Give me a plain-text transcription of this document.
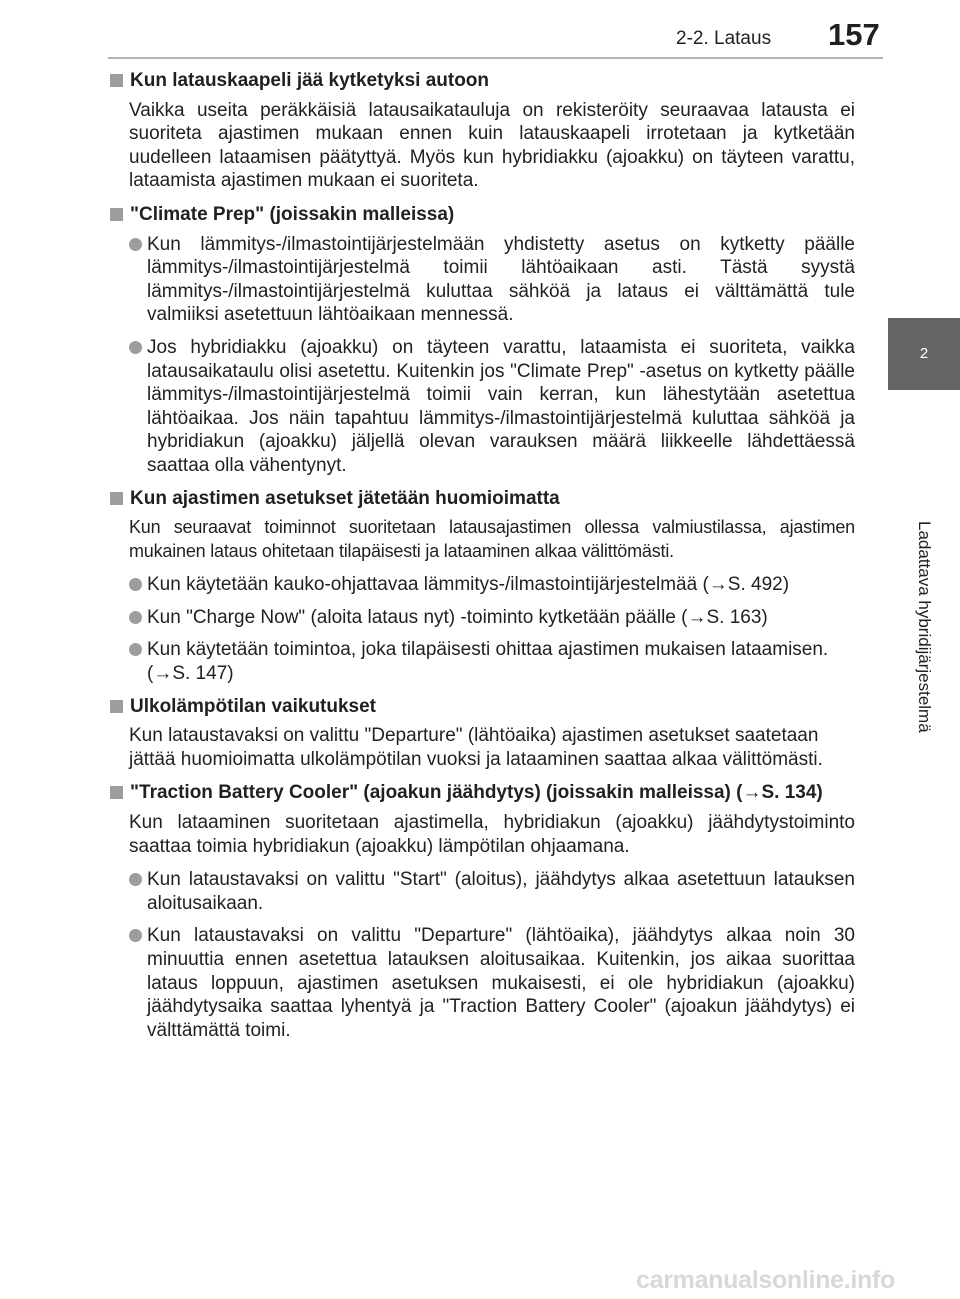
2-2. Lataus 157
2
Ladattava hybridijärjestelmä
Kun latauskaapeli jää kytketyksi autoon
Vaikka useita peräkkäisiä latausaikatauluja on rekisteröity seuraavaa latausta ei suoriteta ajastimen mukaan ennen kuin latauskaapeli irrotetaan ja kytketään uudelleen lataamisen päätyttyä. Myös kun hybridiakku (ajoakku) on täyteen varattu, lataamista ajastimen mukaan ei suoriteta.
"Climate Prep" (joissakin malleissa)
Kun lämmitys-/ilmastointijärjestelmään yhdistetty asetus on kytketty päälle lämmitys-/ilmastointijärjestelmä toimii lähtöaikaan asti. Tästä syystä lämmitys-/ilmastointijärjestelmä kuluttaa sähköä ja lataus ei välttämättä tule valmiiksi asetettuun lähtöaikaan mennessä.
Jos hybridiakku (ajoakku) on täyteen varattu, lataamista ei suoriteta, vaikka latausaikataulu olisi asetettu. Kuitenkin jos "Climate Prep" -asetus on kytketty päälle lämmitys-/ilmastointijärjestelmä toimii vain kerran, kun lähestytään asetettua lähtöaikaa. Jos näin tapahtuu lämmitys-/ilmastointijärjestelmä kuluttaa sähköä ja hybridiakun (ajoakku) jäljellä olevan varauksen määrä liikkeelle lähdettäessä saattaa olla vähentynyt.
Kun ajastimen asetukset jätetään huomioimatta
Kun seuraavat toiminnot suoritetaan latausajastimen ollessa valmiustilassa, ajastimen mukainen lataus ohitetaan tilapäisesti ja lataaminen alkaa välittömästi.
Kun käytetään kauko-ohjattavaa lämmitys-/ilmastointijärjestelmää (→S. 492)
Kun "Charge Now" (aloita lataus nyt) -toiminto kytketään päälle (→S. 163)
Kun käytetään toimintoa, joka tilapäisesti ohittaa ajastimen mukaisen lataamisen.
(→S. 147)
Ulkolämpötilan vaikutukset
Kun lataustavaksi on valittu "Departure" (lähtöaika) ajastimen asetukset saatetaan jättää huomioimatta ulkolämpötilan vuoksi ja lataaminen saattaa alkaa välittömästi.
"Traction Battery Cooler" (ajoakun jäähdytys) (joissakin malleissa) (→S. 134)
Kun lataaminen suoritetaan ajastimella, hybridiakun (ajoakku) jäähdytystoiminto saattaa toimia hybridiakun (ajoakku) lämpötilan ohjaamana.
Kun lataustavaksi on valittu "Start" (aloitus), jäähdytys alkaa asetettuun latauksen aloitusaikaan.
Kun lataustavaksi on valittu "Departure" (lähtöaika), jäähdytys alkaa noin 30 minuuttia ennen asetettua latauksen aloitusaikaa. Kuitenkin, jos aikaa suorittaa lataus loppuun, ajastimen asetuksen mukaisesti, ei ole hybridiakun (ajoakku) jäähdytysaika saattaa lyhentyä ja "Traction Battery Cooler" (ajoakun jäähdytys) ei välttämättä toimi.
carmanualsonline.info
